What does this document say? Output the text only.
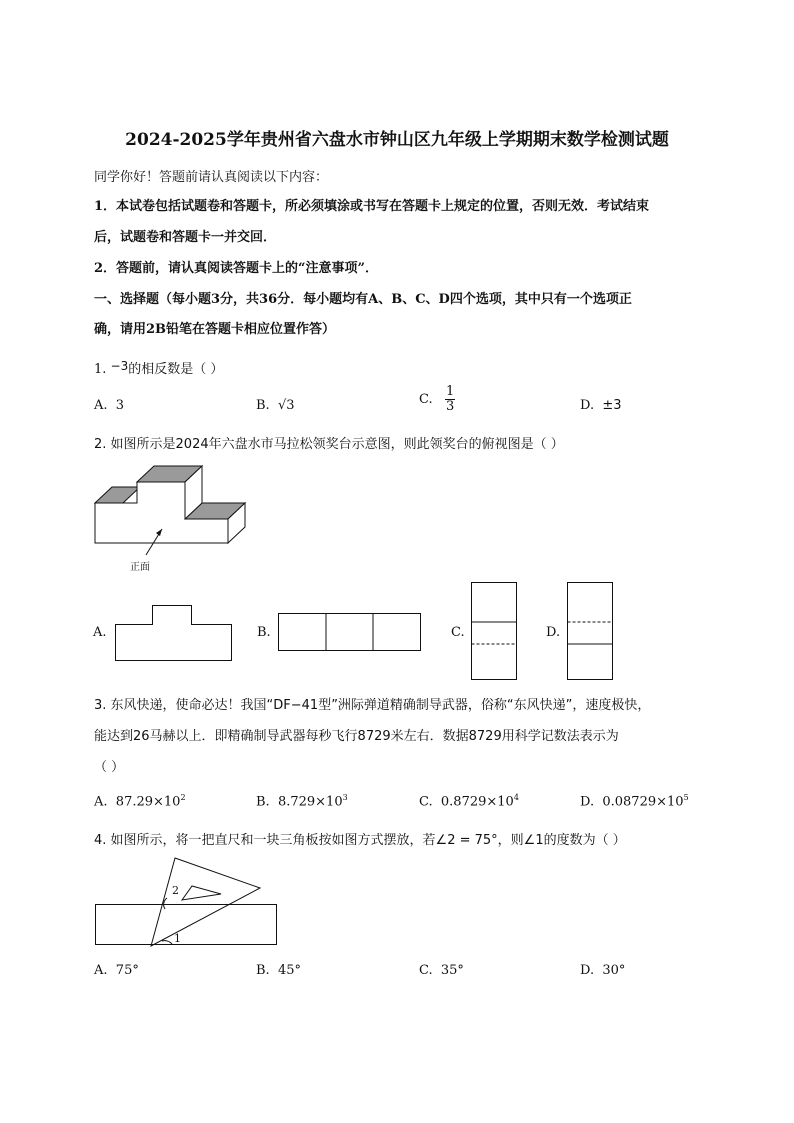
2024-2025学年贵州省六盘水市钟山区九年级上学期期末数学检测试题
同学你好！答题前请认真阅读以下内容：
1．本试卷包括试题卷和答题卡，所必须填涂或书写在答题卡上规定的位置，否则无效．考试结束
后，试题卷和答题卡一并交回．
2．答题前，请认真阅读答题卡上的“注意事项”．
一、选择题（每小题3分，共36分．每小题均有A、B、C、D四个选项，其中只有一个选项正
确，请用2B铅笔在答题卡相应位置作答）
1. −3的相反数是（ ）
A. 3	B. √3	C. $\frac{1}{3}$	D. ±3
2. 如图所示是2024年六盘水市马拉松领奖台示意图，则此领奖台的俯视图是（ ）
正面
A.	B.	C.	D.
3. 东风快递，使命必达！我国“DF−41型”洲际弹道精确制导武器，俗称“东风快递”，速度极快，
能达到26马赫以上．即精确制导武器每秒飞行8729米左右．数据8729用科学记数法表示为
（ ）
A. $87.29\times 10^2$	B. $8.729\times 10^3$	C. $0.8729\times 10^4$	D. $0.08729\times 10^5$
4. 如图所示，将一把直尺和一块三角板按如图方式摆放，若∠2 = 75°，则∠1的度数为（ ）
2
1
A. 75°	B. 45°	C. 35°	D. 30°
